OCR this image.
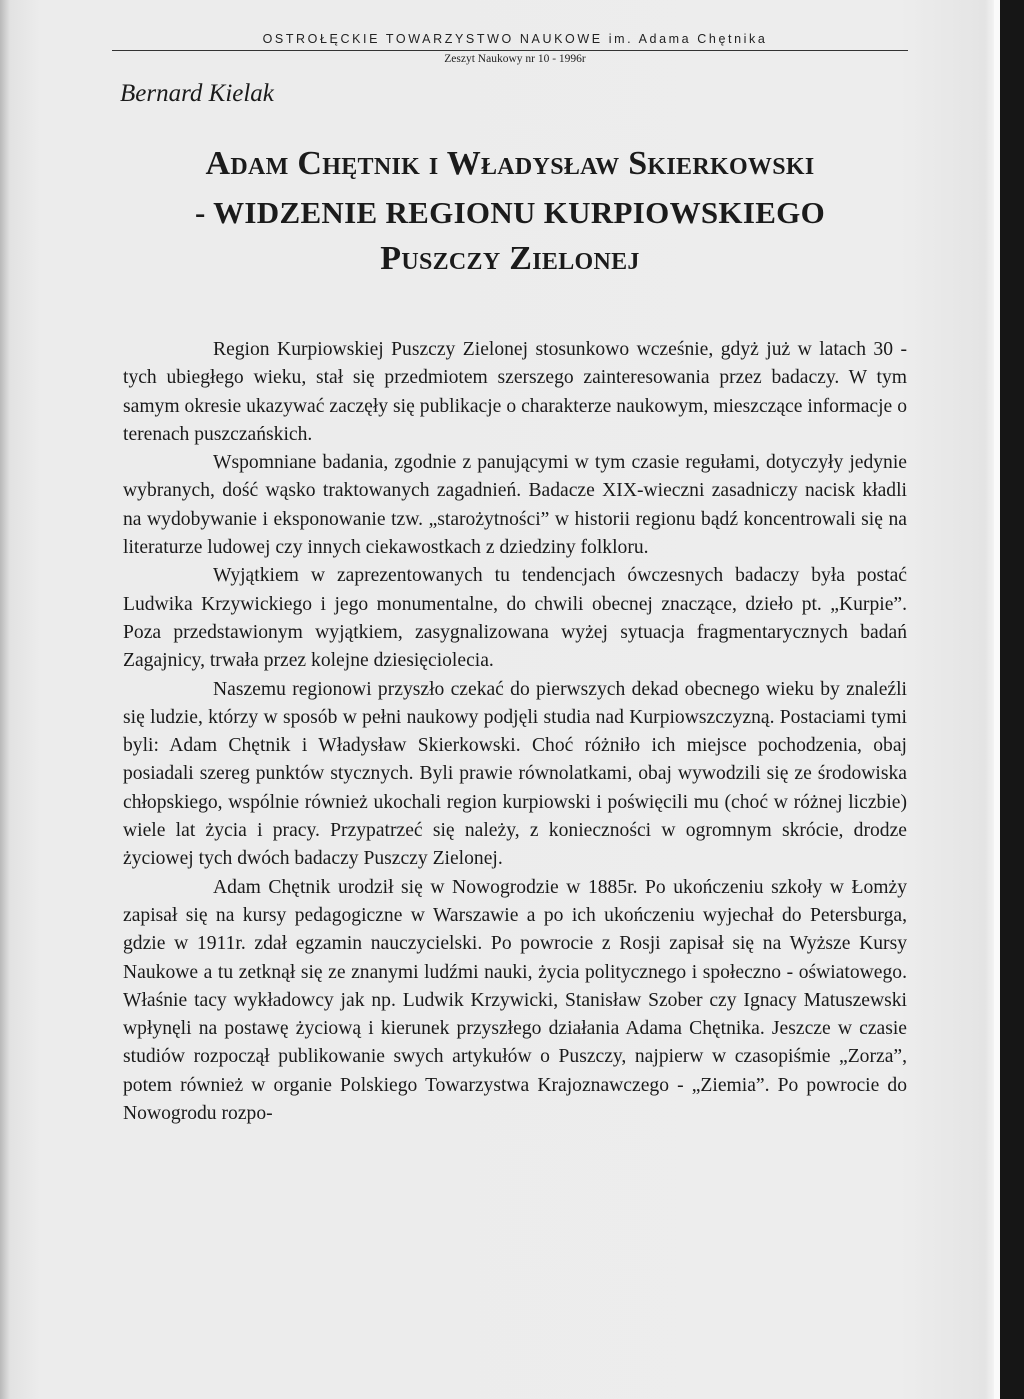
OSTROŁĘCKIE TOWARZYSTWO NAUKOWE im. Adama Chętnika
Zeszyt Naukowy nr 10 - 1996r
Bernard Kielak
Adam Chętnik i Władysław Skierkowski
- WIDZENIE REGIONU KURPIOWSKIEGO
Puszczy Zielonej

Region Kurpiowskiej Puszczy Zielonej stosunkowo wcześnie, gdyż już w latach 30 - tych ubiegłego wieku, stał się przedmiotem szerszego zainteresowania przez badaczy. W tym samym okresie ukazywać zaczęły się publikacje o charakterze naukowym, mieszczące informacje o terenach puszczańskich.

Wspomniane badania, zgodnie z panującymi w tym czasie regułami, dotyczyły jedynie wybranych, dość wąsko traktowanych zagadnień. Badacze XIX-wieczni zasadniczy nacisk kładli na wydobywanie i eksponowanie tzw. „starożytności” w historii regionu bądź koncentrowali się na literaturze ludowej czy innych ciekawostkach z dziedziny folkloru.

Wyjątkiem w zaprezentowanych tu tendencjach ówczesnych badaczy była postać Ludwika Krzywickiego i jego monumentalne, do chwili obecnej znaczące, dzieło pt. „Kurpie”. Poza przedstawionym wyjątkiem, zasygnalizowana wyżej sytuacja fragmentarycznych badań Zagajnicy, trwała przez kolejne dziesięciolecia.

Naszemu regionowi przyszło czekać do pierwszych dekad obecnego wieku by znaleźli się ludzie, którzy w sposób w pełni naukowy podjęli studia nad Kurpiowszczyzną. Postaciami tymi byli: Adam Chętnik i Władysław Skierkowski. Choć różniło ich miejsce pochodzenia, obaj posiadali szereg punktów stycznych. Byli prawie równolatkami, obaj wywodzili się ze środowiska chłopskiego, wspólnie również ukochali region kurpiowski i poświęcili mu (choć w różnej liczbie) wiele lat życia i pracy. Przypatrzeć się należy, z konieczności w ogromnym skrócie, drodze życiowej tych dwóch badaczy Puszczy Zielonej.

Adam Chętnik urodził się w Nowogrodzie w 1885r. Po ukończeniu szkoły w Łomży zapisał się na kursy pedagogiczne w Warszawie a po ich ukończeniu wyjechał do Petersburga, gdzie w 1911r. zdał egzamin nauczycielski. Po powrocie z Rosji zapisał się na Wyższe Kursy Naukowe a tu zetknął się ze znanymi ludźmi nauki, życia politycznego i społeczno - oświatowego. Właśnie tacy wykładowcy jak np. Ludwik Krzywicki, Stanisław Szober czy Ignacy Matuszewski wpłynęli na postawę życiową i kierunek przyszłego działania Adama Chętnika. Jeszcze w czasie studiów rozpoczął publikowanie swych artykułów o Puszczy, najpierw w czasopiśmie „Zorza”, potem również w organie Polskiego Towarzystwa Krajoznawczego - „Ziemia”. Po powrocie do Nowogrodu rozpo-
